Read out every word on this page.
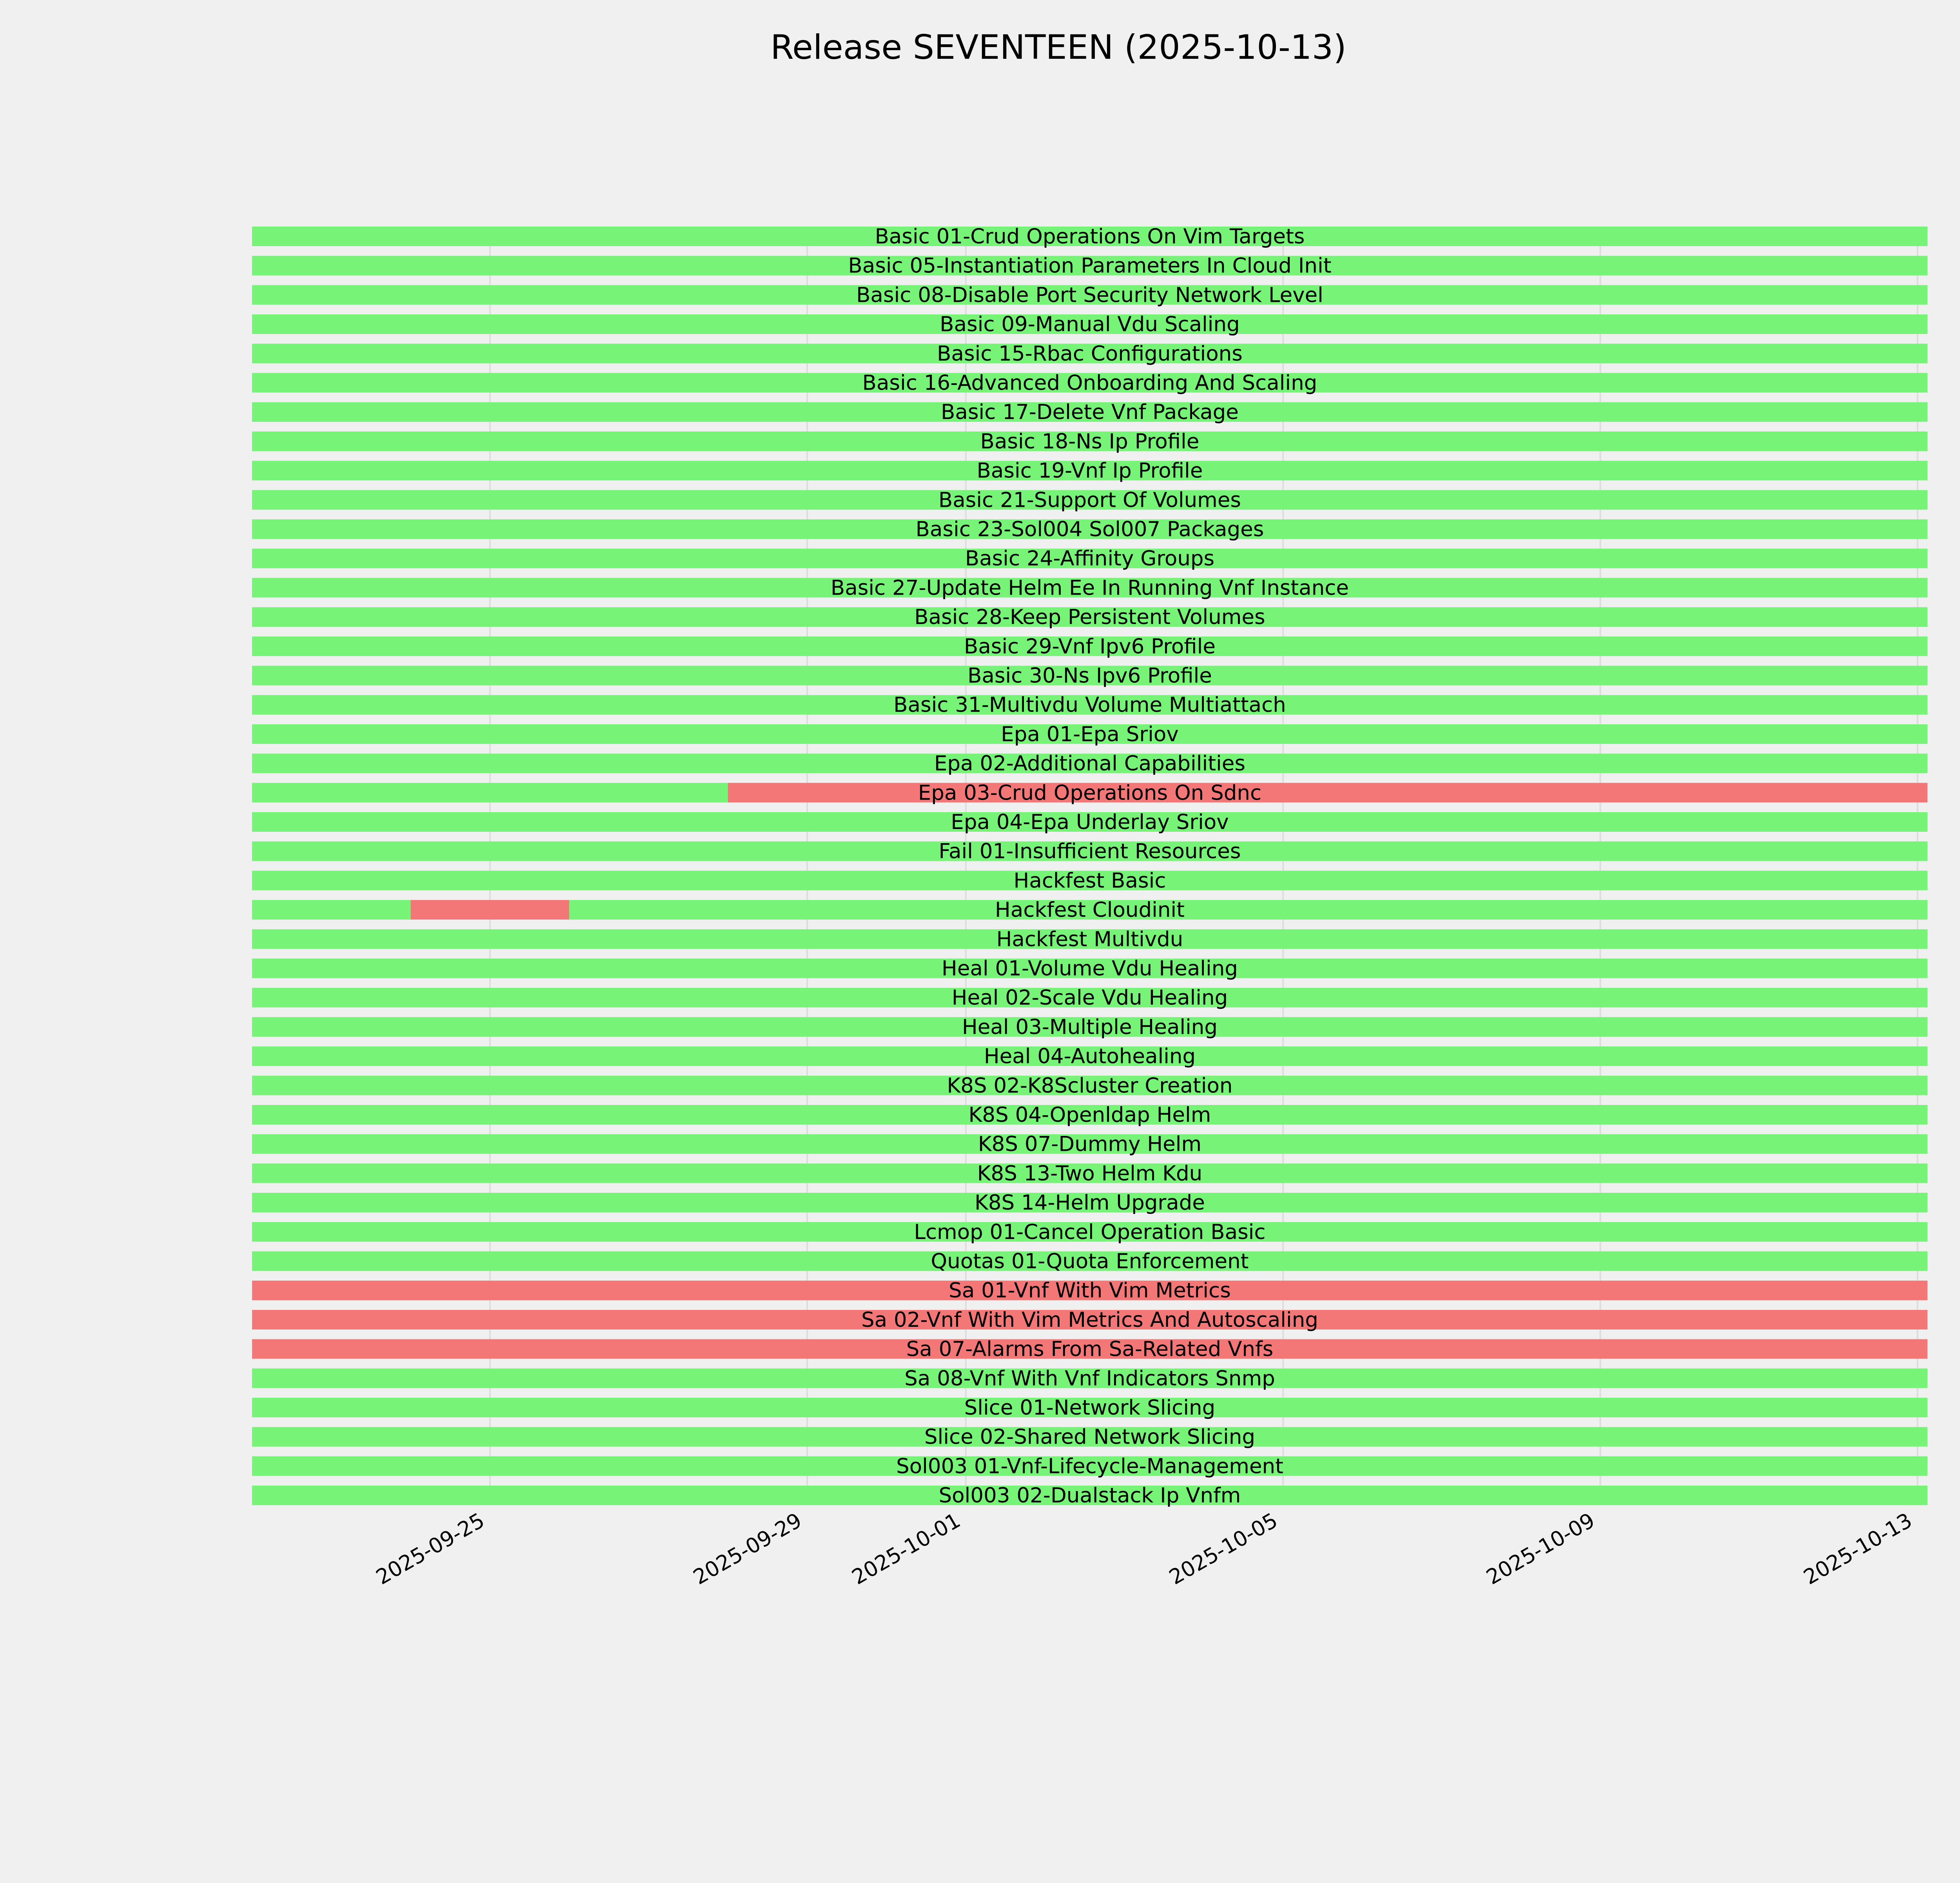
Release SEVENTEEN (2025-10-13)
Basic 01-Crud Operations On Vim Targets
Basic 05-Instantiation Parameters In Cloud Init
Basic 08-Disable Port Security Network Level
Basic 09-Manual Vdu Scaling
Basic 15-Rbac Configurations
Basic 16-Advanced Onboarding And Scaling
Basic 17-Delete Vnf Package
Basic 18-Ns Ip Profile
Basic 19-Vnf Ip Profile
Basic 21-Support Of Volumes
Basic 23-Sol004 Sol007 Packages
Basic 24-Affinity Groups
Basic 27-Update Helm Ee In Running Vnf Instance
Basic 28-Keep Persistent Volumes
Basic 29-Vnf Ipv6 Profile
Basic 30-Ns Ipv6 Profile
Basic 31-Multivdu Volume Multiattach
Epa 01-Epa Sriov
Epa 02-Additional Capabilities
Epa 03-Crud Operations On Sdnc
Epa 04-Epa Underlay Sriov
Fail 01-Insufficient Resources
Hackfest Basic
Hackfest Cloudinit
Hackfest Multivdu
Heal 01-Volume Vdu Healing
Heal 02-Scale Vdu Healing
Heal 03-Multiple Healing
Heal 04-Autohealing
K8S 02-K8Scluster Creation
K8S 04-Openldap Helm
K8S 07-Dummy Helm
K8S 13-Two Helm Kdu
K8S 14-Helm Upgrade
Lcmop 01-Cancel Operation Basic
Quotas 01-Quota Enforcement
Sa 01-Vnf With Vim Metrics
Sa 02-Vnf With Vim Metrics And Autoscaling
Sa 07-Alarms From Sa-Related Vnfs
Sa 08-Vnf With Vnf Indicators Snmp
Slice 01-Network Slicing
Slice 02-Shared Network Slicing
Sol003 01-Vnf-Lifecycle-Management
Sol003 02-Dualstack Ip Vnfm
2025-09-25	2025-09-29 2025-10-01	2025-10-05	2025-10-09	2025-10-13
